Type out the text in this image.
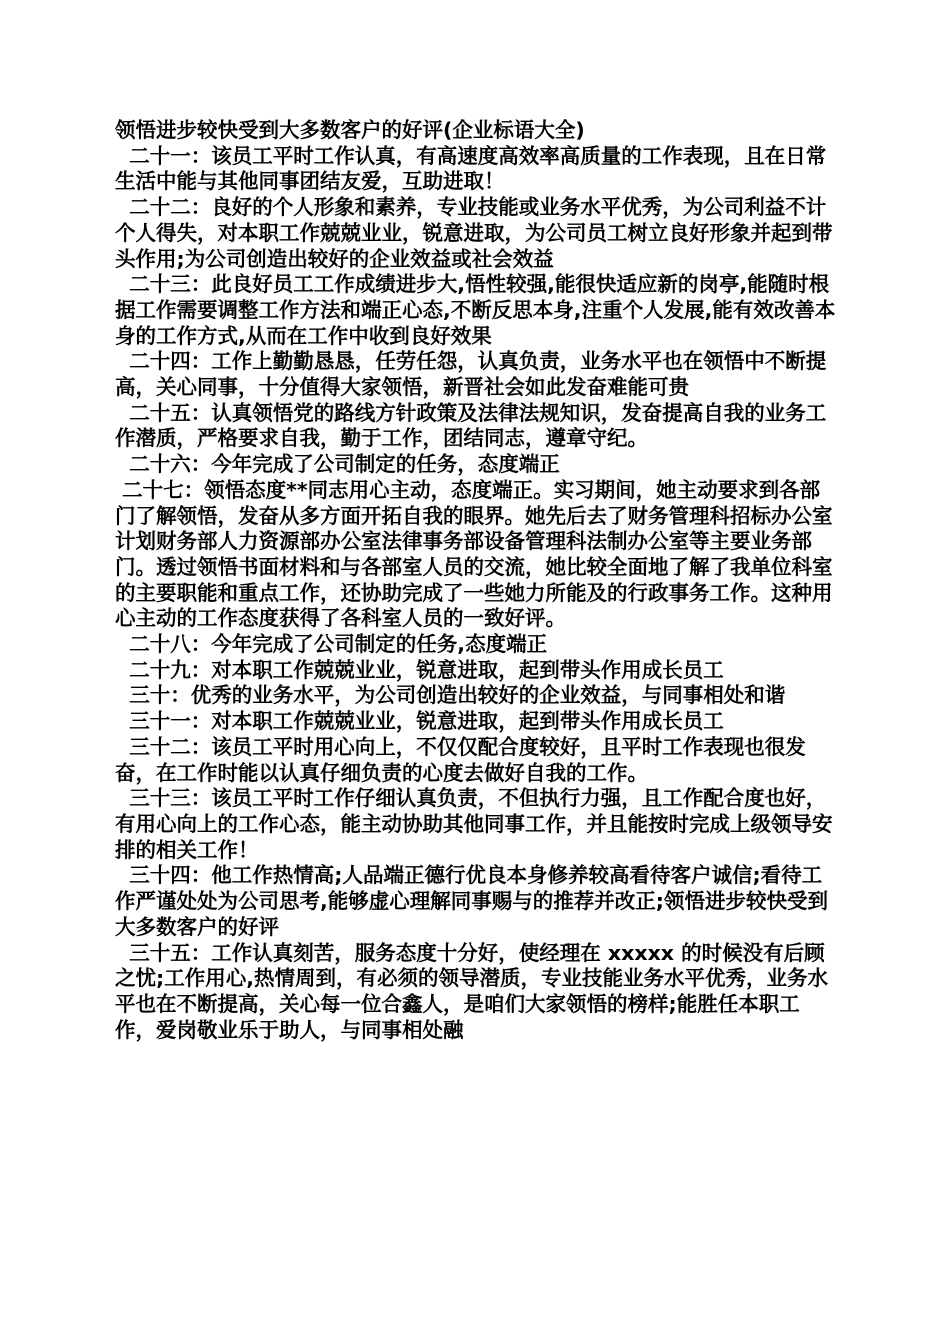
领悟进步较快受到大多数客户的好评(企业标语大全)

二十一：该员工平时工作认真，有高速度高效率高质量的工作表现，且在日常生活中能与其他同事团结友爱，互助进取！

二十二：良好的个人形象和素养，专业技能或业务水平优秀，为公司利益不计个人得失，对本职工作兢兢业业，锐意进取，为公司员工树立良好形象并起到带头作用;为公司创造出较好的企业效益或社会效益

二十三：此良好员工工作成绩进步大,悟性较强,能很快适应新的岗亭,能随时根据工作需要调整工作方法和端正心态,不断反思本身,注重个人发展,能有效改善本身的工作方式,从而在工作中收到良好效果

二十四：工作上勤勤恳恳，任劳任怨，认真负责，业务水平也在领悟中不断提高，关心同事，十分值得大家领悟，新晋社会如此发奋难能可贵

二十五：认真领悟党的路线方针政策及法律法规知识，发奋提高自我的业务工作潜质，严格要求自我，勤于工作，团结同志，遵章守纪。

二十六：今年完成了公司制定的任务，态度端正

二十七：领悟态度**同志用心主动，态度端正。实习期间，她主动要求到各部门了解领悟，发奋从多方面开拓自我的眼界。她先后去了财务管理科招标办公室计划财务部人力资源部办公室法律事务部设备管理科法制办公室等主要业务部门。透过领悟书面材料和与各部室人员的交流，她比较全面地了解了我单位科室的主要职能和重点工作，还协助完成了一些她力所能及的行政事务工作。这种用心主动的工作态度获得了各科室人员的一致好评。

二十八：今年完成了公司制定的任务,态度端正

二十九：对本职工作兢兢业业，锐意进取，起到带头作用成长员工

三十：优秀的业务水平，为公司创造出较好的企业效益，与同事相处和谐

三十一：对本职工作兢兢业业，锐意进取，起到带头作用成长员工

三十二：该员工平时用心向上，不仅仅配合度较好，且平时工作表现也很发奋，在工作时能以认真仔细负责的心度去做好自我的工作。

三十三：该员工平时工作仔细认真负责，不但执行力强，且工作配合度也好，有用心向上的工作心态，能主动协助其他同事工作，并且能按时完成上级领导安排的相关工作！

三十四：他工作热情高;人品端正德行优良本身修养较高看待客户诚信;看待工作严谨处处为公司思考,能够虚心理解同事赐与的推荐并改正;领悟进步较快受到大多数客户的好评

三十五：工作认真刻苦，服务态度十分好，使经理在 xxxxx 的时候没有后顾之忧;工作用心,热情周到，有必须的领导潜质，专业技能业务水平优秀，业务水平也在不断提高，关心每一位合鑫人，是咱们大家领悟的榜样;能胜任本职工作，爱岗敬业乐于助人，与同事相处融
